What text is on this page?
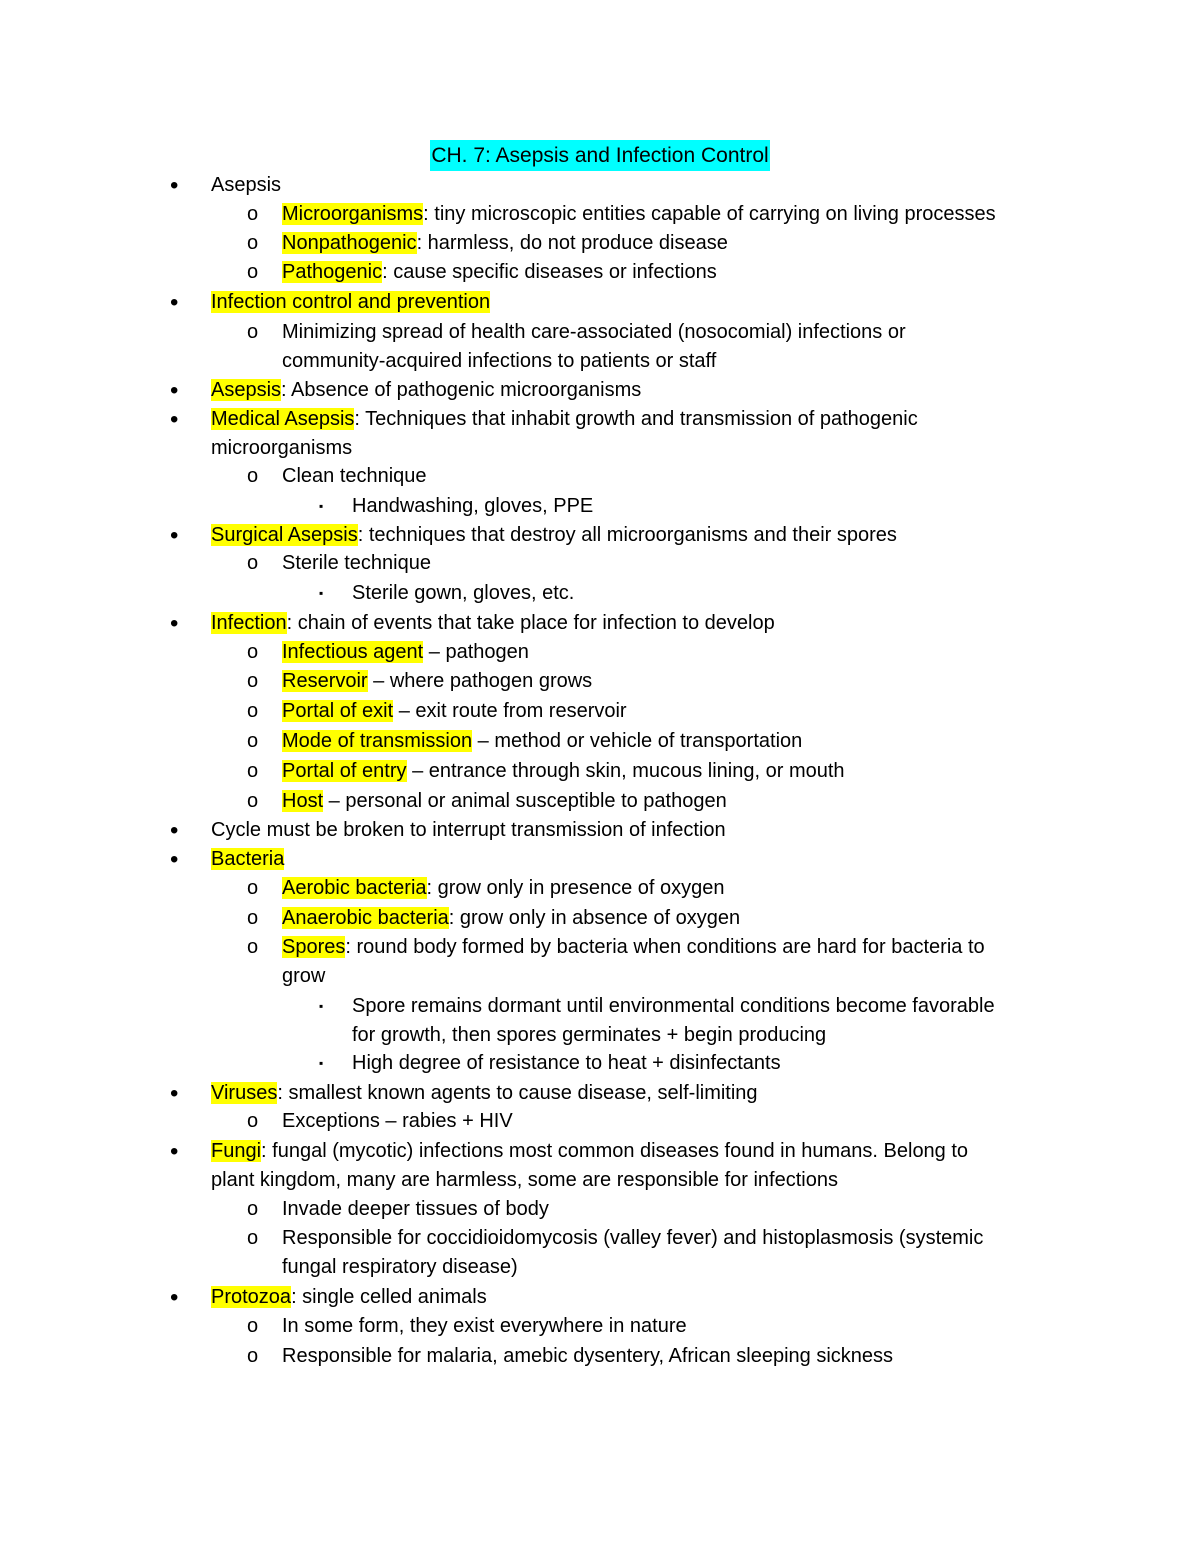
CH. 7: Asepsis and Infection Control
• Asepsis
o Microorganisms: tiny microscopic entities capable of carrying on living processes
o Nonpathogenic: harmless, do not produce disease
o Pathogenic: cause specific diseases or infections
• Infection control and prevention
o Minimizing spread of health care-associated (nosocomial) infections or
community-acquired infections to patients or staff
• Asepsis: Absence of pathogenic microorganisms
• Medical Asepsis: Techniques that inhabit growth and transmission of pathogenic
microorganisms
o Clean technique
▪ Handwashing, gloves, PPE
• Surgical Asepsis: techniques that destroy all microorganisms and their spores
o Sterile technique
▪ Sterile gown, gloves, etc.
• Infection: chain of events that take place for infection to develop
o Infectious agent – pathogen
o Reservoir – where pathogen grows
o Portal of exit – exit route from reservoir
o Mode of transmission – method or vehicle of transportation
o Portal of entry – entrance through skin, mucous lining, or mouth
o Host – personal or animal susceptible to pathogen
• Cycle must be broken to interrupt transmission of infection
• Bacteria
o Aerobic bacteria: grow only in presence of oxygen
o Anaerobic bacteria: grow only in absence of oxygen
o Spores: round body formed by bacteria when conditions are hard for bacteria to
grow
▪ Spore remains dormant until environmental conditions become favorable
for growth, then spores germinates + begin producing
▪ High degree of resistance to heat + disinfectants
• Viruses: smallest known agents to cause disease, self-limiting
o Exceptions – rabies + HIV
• Fungi: fungal (mycotic) infections most common diseases found in humans. Belong to
plant kingdom, many are harmless, some are responsible for infections
o Invade deeper tissues of body
o Responsible for coccidioidomycosis (valley fever) and histoplasmosis (systemic
fungal respiratory disease)
• Protozoa: single celled animals
o In some form, they exist everywhere in nature
o Responsible for malaria, amebic dysentery, African sleeping sickness
